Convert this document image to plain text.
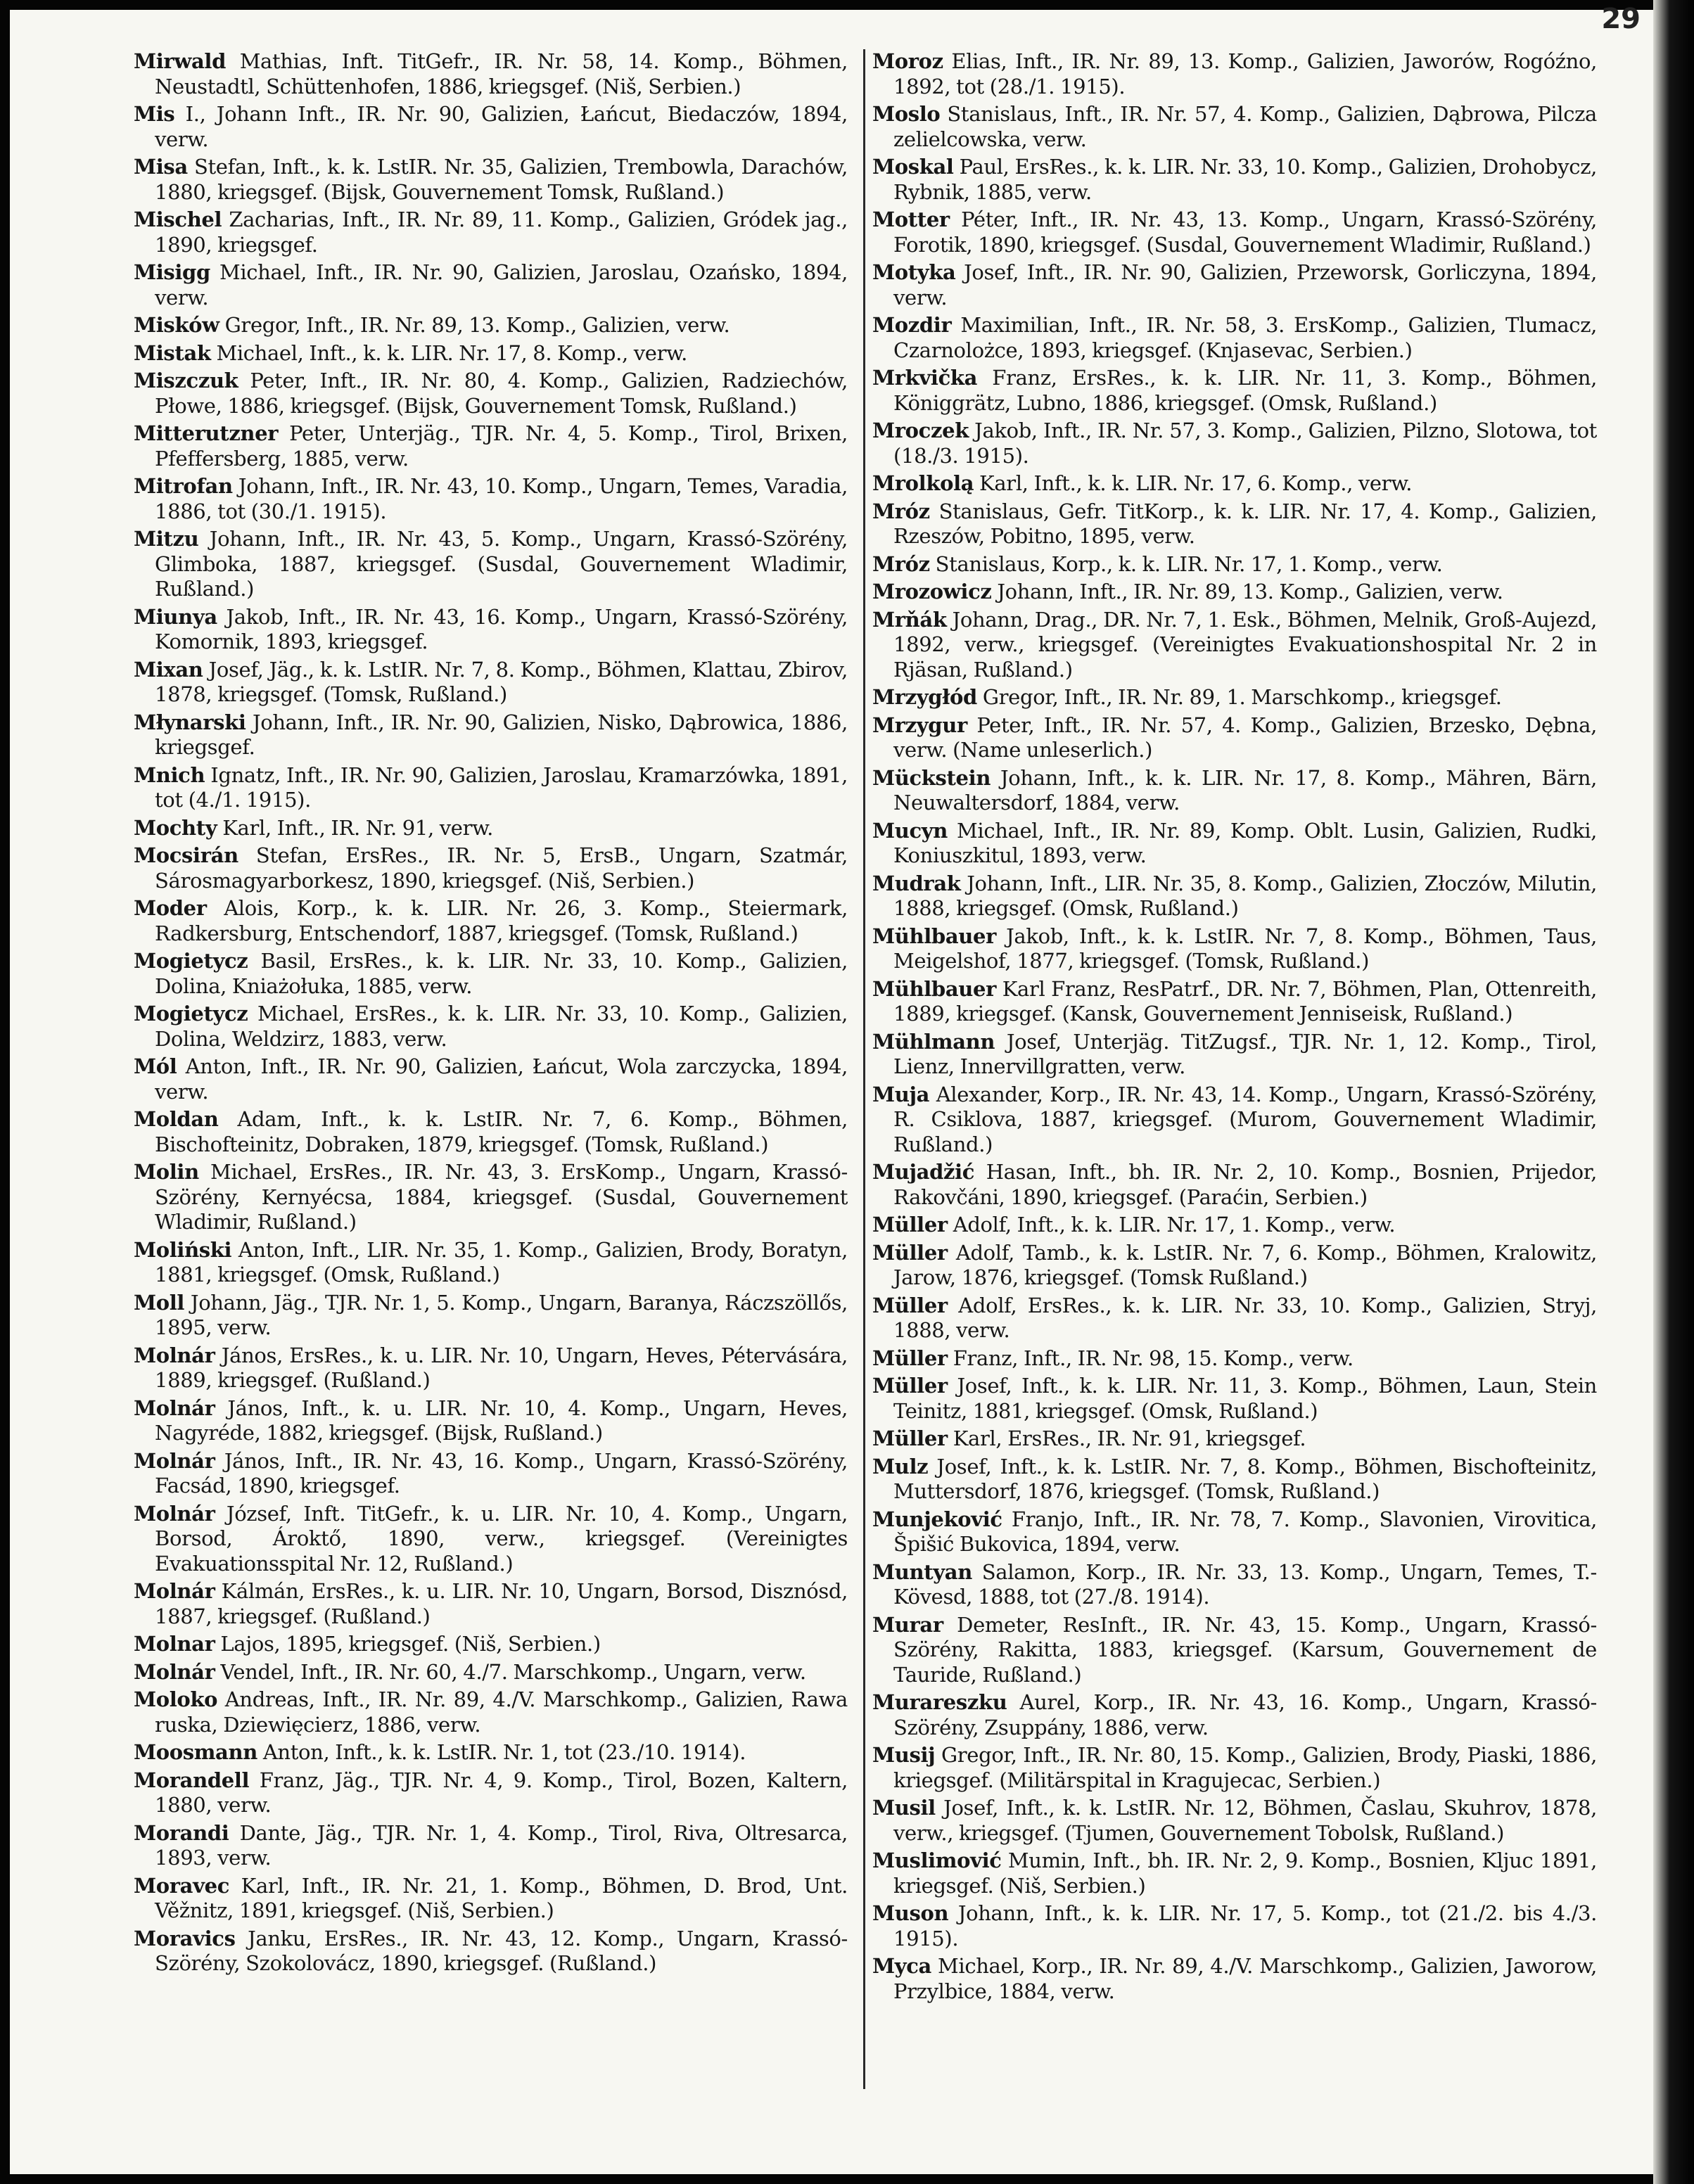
29

Mirwald Mathias, Inft. TitGefr., IR. Nr. 58, 14. Komp., Böhmen, Neustadtl, Schüttenhofen, 1886, kriegsgef. (Niš, Serbien.)

Mis I., Johann Inft., IR. Nr. 90, Galizien, Łańcut, Biedaczów, 1894, verw.

Misa Stefan, Inft., k. k. LstIR. Nr. 35, Galizien, Trembowla, Darachów, 1880, kriegsgef. (Bijsk, Gouvernement Tomsk, Rußland.)

Mischel Zacharias, Inft., IR. Nr. 89, 11. Komp., Galizien, Gródek jag., 1890, kriegsgef.

Misigg Michael, Inft., IR. Nr. 90, Galizien, Jaroslau, Ozańsko, 1894, verw.

Misków Gregor, Inft., IR. Nr. 89, 13. Komp., Galizien, verw.

Mistak Michael, Inft., k. k. LIR. Nr. 17, 8. Komp., verw.

Miszczuk Peter, Inft., IR. Nr. 80, 4. Komp., Galizien, Radziechów, Płowe, 1886, kriegsgef. (Bijsk, Gouvernement Tomsk, Rußland.)

Mitterutzner Peter, Unterjäg., TJR. Nr. 4, 5. Komp., Tirol, Brixen, Pfeffersberg, 1885, verw.

Mitrofan Johann, Inft., IR. Nr. 43, 10. Komp., Ungarn, Temes, Varadia, 1886, tot (30./1. 1915).

Mitzu Johann, Inft., IR. Nr. 43, 5. Komp., Ungarn, Krassó-Szörény, Glimboka, 1887, kriegsgef. (Susdal, Gouvernement Wladimir, Rußland.)

Miunya Jakob, Inft., IR. Nr. 43, 16. Komp., Ungarn, Krassó-Szörény, Komornik, 1893, kriegsgef.

Mixan Josef, Jäg., k. k. LstIR. Nr. 7, 8. Komp., Böhmen, Klattau, Zbirov, 1878, kriegsgef. (Tomsk, Rußland.)

Młynarski Johann, Inft., IR. Nr. 90, Galizien, Nisko, Dąbrowica, 1886, kriegsgef.

Mnich Ignatz, Inft., IR. Nr. 90, Galizien, Jaroslau, Kramarzówka, 1891, tot (4./1. 1915).

Mochty Karl, Inft., IR. Nr. 91, verw.

Mocsirán Stefan, ErsRes., IR. Nr. 5, ErsB., Ungarn, Szatmár, Sárosmagyarborkesz, 1890, kriegsgef. (Niš, Serbien.)

Moder Alois, Korp., k. k. LIR. Nr. 26, 3. Komp., Steiermark, Radkersburg, Entschendorf, 1887, kriegsgef. (Tomsk, Rußland.)

Mogietycz Basil, ErsRes., k. k. LIR. Nr. 33, 10. Komp., Galizien, Dolina, Kniażołuka, 1885, verw.

Mogietycz Michael, ErsRes., k. k. LIR. Nr. 33, 10. Komp., Galizien, Dolina, Weldzirz, 1883, verw.

Mól Anton, Inft., IR. Nr. 90, Galizien, Łańcut, Wola zarczycka, 1894, verw.

Moldan Adam, Inft., k. k. LstIR. Nr. 7, 6. Komp., Böhmen, Bischofteinitz, Dobraken, 1879, kriegsgef. (Tomsk, Rußland.)

Molin Michael, ErsRes., IR. Nr. 43, 3. ErsKomp., Ungarn, Krassó-Szörény, Kernyécsa, 1884, kriegsgef. (Susdal, Gouvernement Wladimir, Rußland.)

Moliński Anton, Inft., LIR. Nr. 35, 1. Komp., Galizien, Brody, Boratyn, 1881, kriegsgef. (Omsk, Rußland.)

Moll Johann, Jäg., TJR. Nr. 1, 5. Komp., Ungarn, Baranya, Ráczszöllős, 1895, verw.

Molnár János, ErsRes., k. u. LIR. Nr. 10, Ungarn, Heves, Pétervására, 1889, kriegsgef. (Rußland.)

Molnár János, Inft., k. u. LIR. Nr. 10, 4. Komp., Ungarn, Heves, Nagyréde, 1882, kriegsgef. (Bijsk, Rußland.)

Molnár János, Inft., IR. Nr. 43, 16. Komp., Ungarn, Krassó-Szörény, Facsád, 1890, kriegsgef.

Molnár József, Inft. TitGefr., k. u. LIR. Nr. 10, 4. Komp., Ungarn, Borsod, Ároktő, 1890, verw., kriegsgef. (Vereinigtes Evakuationsspital Nr. 12, Rußland.)

Molnár Kálmán, ErsRes., k. u. LIR. Nr. 10, Ungarn, Borsod, Disznósd, 1887, kriegsgef. (Rußland.)

Molnar Lajos, 1895, kriegsgef. (Niš, Serbien.)

Molnár Vendel, Inft., IR. Nr. 60, 4./7. Marschkomp., Ungarn, verw.

Moloko Andreas, Inft., IR. Nr. 89, 4./V. Marschkomp., Galizien, Rawa ruska, Dziewięcierz, 1886, verw.

Moosmann Anton, Inft., k. k. LstIR. Nr. 1, tot (23./10. 1914).

Morandell Franz, Jäg., TJR. Nr. 4, 9. Komp., Tirol, Bozen, Kaltern, 1880, verw.

Morandi Dante, Jäg., TJR. Nr. 1, 4. Komp., Tirol, Riva, Oltresarca, 1893, verw.

Moravec Karl, Inft., IR. Nr. 21, 1. Komp., Böhmen, D. Brod, Unt. Věžnitz, 1891, kriegsgef. (Niš, Serbien.)

Moravics Janku, ErsRes., IR. Nr. 43, 12. Komp., Ungarn, Krassó-Szörény, Szokolovácz, 1890, kriegsgef. (Rußland.)

Moroz Elias, Inft., IR. Nr. 89, 13. Komp., Galizien, Jaworów, Rogóźno, 1892, tot (28./1. 1915).

Moslo Stanislaus, Inft., IR. Nr. 57, 4. Komp., Galizien, Dąbrowa, Pilcza zelielcowska, verw.

Moskal Paul, ErsRes., k. k. LIR. Nr. 33, 10. Komp., Galizien, Drohobycz, Rybnik, 1885, verw.

Motter Péter, Inft., IR. Nr. 43, 13. Komp., Ungarn, Krassó-Szörény, Forotik, 1890, kriegsgef. (Susdal, Gouvernement Wladimir, Rußland.)

Motyka Josef, Inft., IR. Nr. 90, Galizien, Przeworsk, Gorliczyna, 1894, verw.

Mozdir Maximilian, Inft., IR. Nr. 58, 3. ErsKomp., Galizien, Tlumacz, Czarnolożce, 1893, kriegsgef. (Knjasevac, Serbien.)

Mrkvička Franz, ErsRes., k. k. LIR. Nr. 11, 3. Komp., Böhmen, Königgrätz, Lubno, 1886, kriegsgef. (Omsk, Rußland.)

Mroczek Jakob, Inft., IR. Nr. 57, 3. Komp., Galizien, Pilzno, Slotowa, tot (18./3. 1915).

Mrolkolą Karl, Inft., k. k. LIR. Nr. 17, 6. Komp., verw.

Mróz Stanislaus, Gefr. TitKorp., k. k. LIR. Nr. 17, 4. Komp., Galizien, Rzeszów, Pobitno, 1895, verw.

Mróz Stanislaus, Korp., k. k. LIR. Nr. 17, 1. Komp., verw.

Mrozowicz Johann, Inft., IR. Nr. 89, 13. Komp., Galizien, verw.

Mrňák Johann, Drag., DR. Nr. 7, 1. Esk., Böhmen, Melnik, Groß-Aujezd, 1892, verw., kriegsgef. (Vereinigtes Evakuationshospital Nr. 2 in Rjäsan, Rußland.)

Mrzygłód Gregor, Inft., IR. Nr. 89, 1. Marschkomp., kriegsgef.

Mrzygur Peter, Inft., IR. Nr. 57, 4. Komp., Galizien, Brzesko, Dębna, verw. (Name unleserlich.)

Mückstein Johann, Inft., k. k. LIR. Nr. 17, 8. Komp., Mähren, Bärn, Neuwaltersdorf, 1884, verw.

Mucyn Michael, Inft., IR. Nr. 89, Komp. Oblt. Lusin, Galizien, Rudki, Koniuszkitul, 1893, verw.

Mudrak Johann, Inft., LIR. Nr. 35, 8. Komp., Galizien, Złoczów, Milutin, 1888, kriegsgef. (Omsk, Rußland.)

Mühlbauer Jakob, Inft., k. k. LstIR. Nr. 7, 8. Komp., Böhmen, Taus, Meigelshof, 1877, kriegsgef. (Tomsk, Rußland.)

Mühlbauer Karl Franz, ResPatrf., DR. Nr. 7, Böhmen, Plan, Ottenreith, 1889, kriegsgef. (Kansk, Gouvernement Jenniseisk, Rußland.)

Mühlmann Josef, Unterjäg. TitZugsf., TJR. Nr. 1, 12. Komp., Tirol, Lienz, Innervillgratten, verw.

Muja Alexander, Korp., IR. Nr. 43, 14. Komp., Ungarn, Krassó-Szörény, R. Csiklova, 1887, kriegsgef. (Murom, Gouvernement Wladimir, Rußland.)

Mujadžić Hasan, Inft., bh. IR. Nr. 2, 10. Komp., Bosnien, Prijedor, Rakovčáni, 1890, kriegsgef. (Paraćin, Serbien.)

Müller Adolf, Inft., k. k. LIR. Nr. 17, 1. Komp., verw.

Müller Adolf, Tamb., k. k. LstIR. Nr. 7, 6. Komp., Böhmen, Kralowitz, Jarow, 1876, kriegsgef. (Tomsk Rußland.)

Müller Adolf, ErsRes., k. k. LIR. Nr. 33, 10. Komp., Galizien, Stryj, 1888, verw.

Müller Franz, Inft., IR. Nr. 98, 15. Komp., verw.

Müller Josef, Inft., k. k. LIR. Nr. 11, 3. Komp., Böhmen, Laun, Stein Teinitz, 1881, kriegsgef. (Omsk, Rußland.)

Müller Karl, ErsRes., IR. Nr. 91, kriegsgef.

Mulz Josef, Inft., k. k. LstIR. Nr. 7, 8. Komp., Böhmen, Bischofteinitz, Muttersdorf, 1876, kriegsgef. (Tomsk, Rußland.)

Munjeković Franjo, Inft., IR. Nr. 78, 7. Komp., Slavonien, Virovitica, Špišić Bukovica, 1894, verw.

Muntyan Salamon, Korp., IR. Nr. 33, 13. Komp., Ungarn, Temes, T.-Kövesd, 1888, tot (27./8. 1914).

Murar Demeter, ResInft., IR. Nr. 43, 15. Komp., Ungarn, Krassó-Szörény, Rakitta, 1883, kriegsgef. (Karsum, Gouvernement de Tauride, Rußland.)

Murareszku Aurel, Korp., IR. Nr. 43, 16. Komp., Ungarn, Krassó-Szörény, Zsuppány, 1886, verw.

Musij Gregor, Inft., IR. Nr. 80, 15. Komp., Galizien, Brody, Piaski, 1886, kriegsgef. (Militärspital in Kragujecac, Serbien.)

Musil Josef, Inft., k. k. LstIR. Nr. 12, Böhmen, Časlau, Skuhrov, 1878, verw., kriegsgef. (Tjumen, Gouvernement Tobolsk, Rußland.)

Muslimović Mumin, Inft., bh. IR. Nr. 2, 9. Komp., Bosnien, Kljuc 1891, kriegsgef. (Niš, Serbien.)

Muson Johann, Inft., k. k. LIR. Nr. 17, 5. Komp., tot (21./2. bis 4./3. 1915).

Myca Michael, Korp., IR. Nr. 89, 4./V. Marschkomp., Galizien, Jaworow, Przylbice, 1884, verw.
